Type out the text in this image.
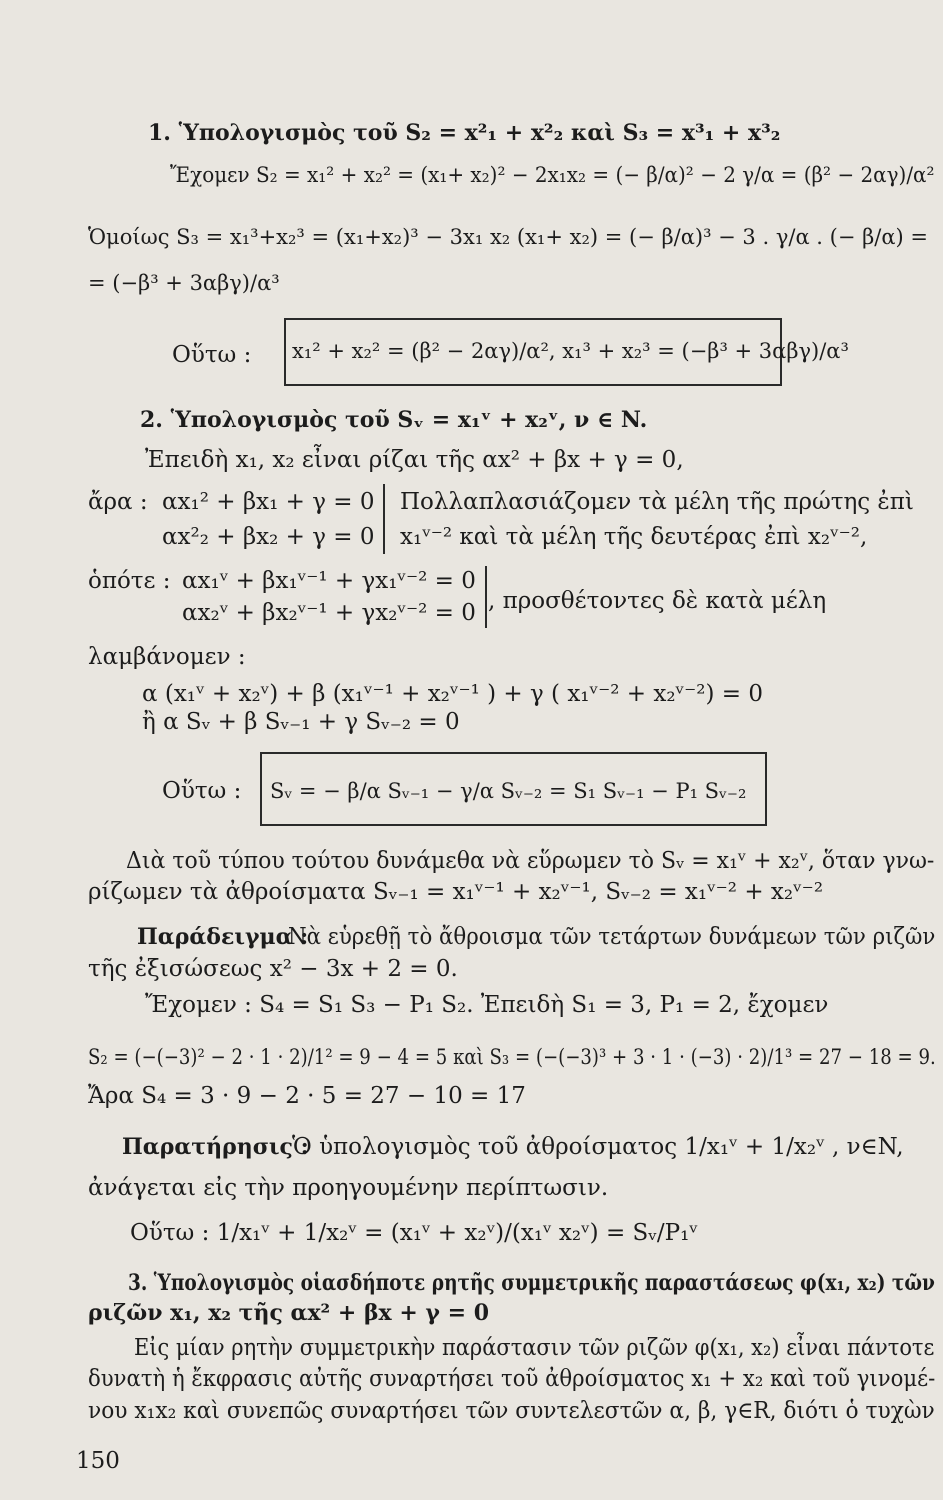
1. Ὑπολογισμὸς τοῦ S₂ = x²₁ + x²₂ καὶ S₃ = x³₁ + x³₂
Ἔχομεν S₂ = x₁² + x₂² = (x₁+ x₂)² − 2x₁x₂ = (− β/α)² − 2 γ/α = (β² − 2αγ)/α²
Ὁμοίως S₃ = x₁³+x₂³ = (x₁+x₂)³ − 3x₁ x₂ (x₁+ x₂) = (− β/α)³ − 3 . γ/α . (− β/α) =
= (−β³ + 3αβγ)/α³
Οὕτω : x₁² + x₂² = (β² − 2αγ)/α², x₁³ + x₂³ = (−β³ + 3αβγ)/α³
2. Ὑπολογισμὸς τοῦ Sᵥ = x₁ᵛ + x₂ᵛ, ν ∈ N.
Ἐπειδὴ x₁, x₂ εἶναι ρίζαι τῆς αx² + βx + γ = 0,
ἄρα : αx₁² + βx₁ + γ = 0 Πολλαπλασιάζομεν τὰ μέλη τῆς πρώτης ἐπὶ
αx²₂ + βx₂ + γ = 0 x₁ᵛ⁻² καὶ τὰ μέλη τῆς δευτέρας ἐπὶ x₂ᵛ⁻²,
ὁπότε : αx₁ᵛ + βx₁ᵛ⁻¹ + γx₁ᵛ⁻² = 0
αx₂ᵛ + βx₂ᵛ⁻¹ + γx₂ᵛ⁻² = 0 , προσθέτοντες δὲ κατὰ μέλη
λαμβάνομεν :
α (x₁ᵛ + x₂ᵛ) + β (x₁ᵛ⁻¹ + x₂ᵛ⁻¹ ) + γ ( x₁ᵛ⁻² + x₂ᵛ⁻²) = 0
ἢ α Sᵥ + β Sᵥ₋₁ + γ Sᵥ₋₂ = 0
Οὕτω : Sᵥ = − β/α Sᵥ₋₁ − γ/α Sᵥ₋₂ = S₁ Sᵥ₋₁ − P₁ Sᵥ₋₂
Διὰ τοῦ τύπου τούτου δυνάμεθα νὰ εὕρωμεν τὸ Sᵥ = x₁ᵛ + x₂ᵛ, ὅταν γνω-
ρίζωμεν τὰ ἀθροίσματα Sᵥ₋₁ = x₁ᵛ⁻¹ + x₂ᵛ⁻¹, Sᵥ₋₂ = x₁ᵛ⁻² + x₂ᵛ⁻²
Παράδειγμα :
Νὰ εὑρεθῇ τὸ ἄθροισμα τῶν τετάρτων δυνάμεων τῶν ριζῶν
τῆς ἐξισώσεως x² − 3x + 2 = 0.
Ἔχομεν : S₄ = S₁ S₃ − P₁ S₂. Ἐπειδὴ S₁ = 3, P₁ = 2, ἔχομεν
S₂ = (−(−3)² − 2 · 1 · 2)/1² = 9 − 4 = 5 καὶ S₃ = (−(−3)³ + 3 · 1 · (−3) · 2)/1³ = 27 − 18 = 9.
Ἄρα S₄ = 3 · 9 − 2 · 5 = 27 − 10 = 17
Παρατήρησις :
Ὁ ὑπολογισμὸς τοῦ ἀθροίσματος 1/x₁ᵛ + 1/x₂ᵛ , ν∈N,
ἀνάγεται εἰς τὴν προηγουμένην περίπτωσιν.
Οὕτω : 1/x₁ᵛ + 1/x₂ᵛ = (x₁ᵛ + x₂ᵛ)/(x₁ᵛ x₂ᵛ) = Sᵥ/P₁ᵛ
3. Ὑπολογισμὸς οἱασδήποτε ρητῆς συμμετρικῆς παραστάσεως φ(x₁, x₂) τῶν
ριζῶν x₁, x₂ τῆς αx² + βx + γ = 0
Εἰς μίαν ρητὴν συμμετρικὴν παράστασιν τῶν ριζῶν φ(x₁, x₂) εἶναι πάντοτε
δυνατὴ ἡ ἔκφρασις αὐτῆς συναρτήσει τοῦ ἀθροίσματος x₁ + x₂ καὶ τοῦ γινομέ-
νου x₁x₂ καὶ συνεπῶς συναρτήσει τῶν συντελεστῶν α, β, γ∈R, διότι ὁ τυχὼν
150
